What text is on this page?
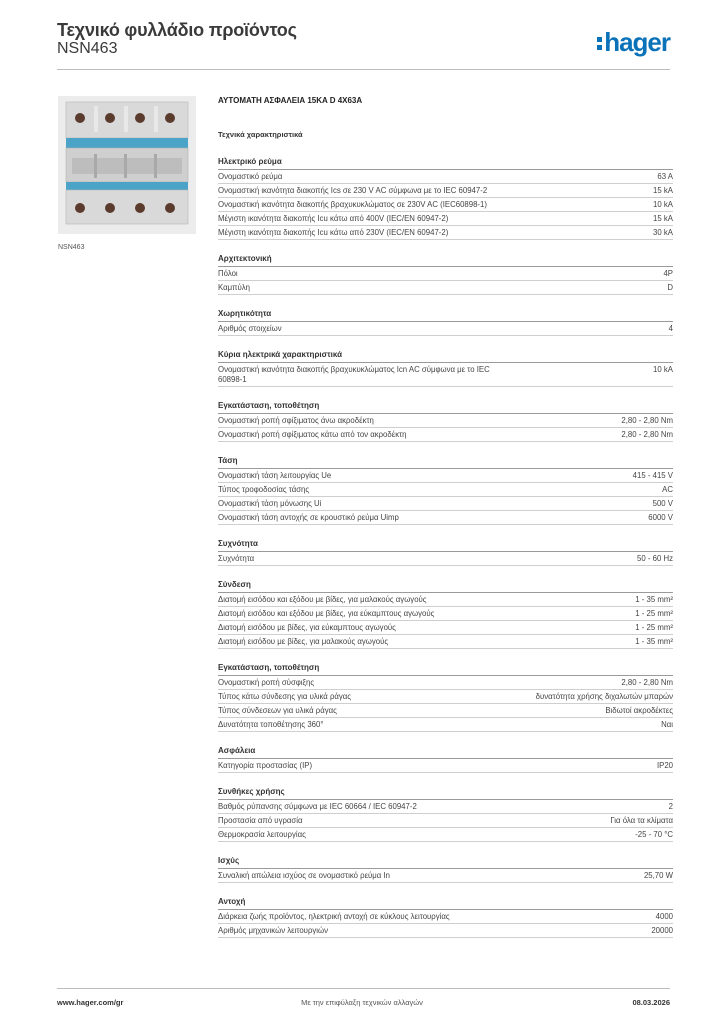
Τεχνικό φυλλάδιο προϊόντος
NSN463	hager
NSN463
ΑΥΤΟΜΑΤΗ ΑΣΦΑΛΕΙΑ 15KA D 4X63A
Τεχνικά χαρακτηριστικά
Ηλεκτρικό ρεύμα
Ονομαστικό ρεύμα	63 A
Ονομαστική ικανότητα διακοπής Ics σε 230 V AC σύμφωνα με το IEC 60947-2	15 kA
Ονομαστική ικανότητα διακοπής βραχυκυκλώματος σε 230V AC (IEC60898-1)	10 kA
Μέγιστη ικανότητα διακοπής Icu κάτω από 400V (IEC/EN 60947-2)	15 kA
Μέγιστη ικανότητα διακοπής Icu κάτω από 230V (IEC/EN 60947-2)	30 kA
Αρχιτεκτονική
Πόλοι	4P
Καμπύλη	D
Χωρητικότητα
Αριθμός στοιχείων	4
Κύρια ηλεκτρικά χαρακτηριστικά
Ονομαστική ικανότητα διακοπής βραχυκυκλώματος Icn AC σύμφωνα με το IEC 60898-1
10 kA
Εγκατάσταση, τοποθέτηση
Ονομαστική ροπή σφίξιματος άνω ακροδέκτη	2,80 - 2,80 Nm
Ονομαστική ροπή σφίξιματος κάτω από τον ακροδέκτη	2,80 - 2,80 Nm
Τάση
Ονομαστική τάση λειτουργίας Ue	415 - 415 V
Τύπος τροφοδοσίας τάσης	AC
Ονομαστική τάση μόνωσης Ui	500 V
Ονομαστική τάση αντοχής σε κρουστικό ρεύμα Uimp	6000 V
Συχνότητα
Συχνότητα	50 - 60 Hz
Σύνδεση
Διατομή εισόδου και εξόδου με βίδες, για μαλακούς αγωγούς	1 - 35 mm²
Διατομή εισόδου και εξόδου με βίδες, για εύκαμπτους αγωγούς	1 - 25 mm²
Διατομή εισόδου με βίδες, για εύκαμπτους αγωγούς	1 - 25 mm²
Διατομή εισόδου με βίδες, για μαλακούς αγωγούς	1 - 35 mm²
Εγκατάσταση, τοποθέτηση
Ονομαστική ροπή σύσφιξης	2,80 - 2,80 Nm
Τύπος κάτω σύνδεσης για υλικά ράγας	δυνατότητα χρήσης διχαλωτών μπαρών
Τύπος σύνδεσεων για υλικά ράγας	Βιδωτοί ακροδέκτες
Δυνατότητα τοποθέτησης 360°	Ναι
Ασφάλεια
Κατηγορία προστασίας (IP)	IP20
Συνθήκες χρήσης
Βαθμός ρύπανσης σύμφωνα με IEC 60664 / IEC 60947-2	2
Προστασία από υγρασία	Για όλα τα κλίματα
Θερμοκρασία λειτουργίας	-25 - 70 °C
Ισχύς
Συναλική απώλεια ισχύος σε ονομαστικό ρεύμα In	25,70 W
Αντοχή
Διάρκεια ζωής προϊόντος, ηλεκτρική αντοχή σε κύκλους λειτουργίας	4000
Αριθμός μηχανικών λειτουργιών	20000
www.hager.com/gr	Με την επιφύλαξη τεχνικών αλλαγών	08.03.2026
